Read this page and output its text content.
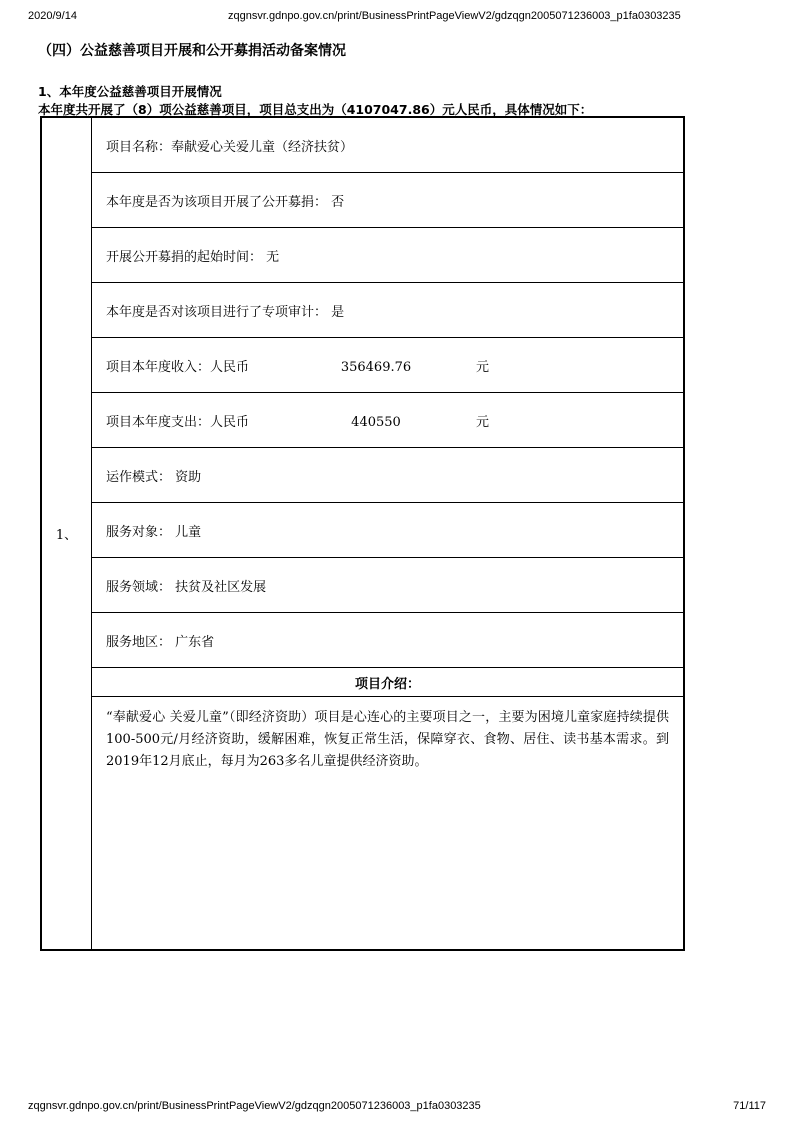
2020/9/14	zqgnsvr.gdnpo.gov.cn/print/BusinessPrintPageViewV2/gdzqgn2005071236003_p1fa0303235
（四）公益慈善项目开展和公开募捐活动备案情况
1、本年度公益慈善项目开展情况
本年度共开展了（8）项公益慈善项目，项目总支出为（4107047.86）元人民币，具体情况如下：
1、	项目名称：奉献爱心关爱儿童（经济扶贫）
本年度是否为该项目开展了公开募捐： 否
开展公开募捐的起始时间： 无
本年度是否对该项目进行了专项审计： 是
项目本年度收入：人民币	356469.76	元
项目本年度支出：人民币	440550	元
运作模式： 资助
服务对象： 儿童
服务领域： 扶贫及社区发展
服务地区： 广东省
项目介绍：
“奉献爱心 关爱儿童”（即经济资助）项目是心连心的主要项目之一，主要为困境儿童家庭持续提供100-500元/月经济资助，缓解困难，恢复正常生活，保障穿衣、食物、居住、读书基本需求。到2019年12月底止，每月为263多名儿童提供经济资助。
zqgnsvr.gdnpo.gov.cn/print/BusinessPrintPageViewV2/gdzqgn2005071236003_p1fa0303235	71/117
